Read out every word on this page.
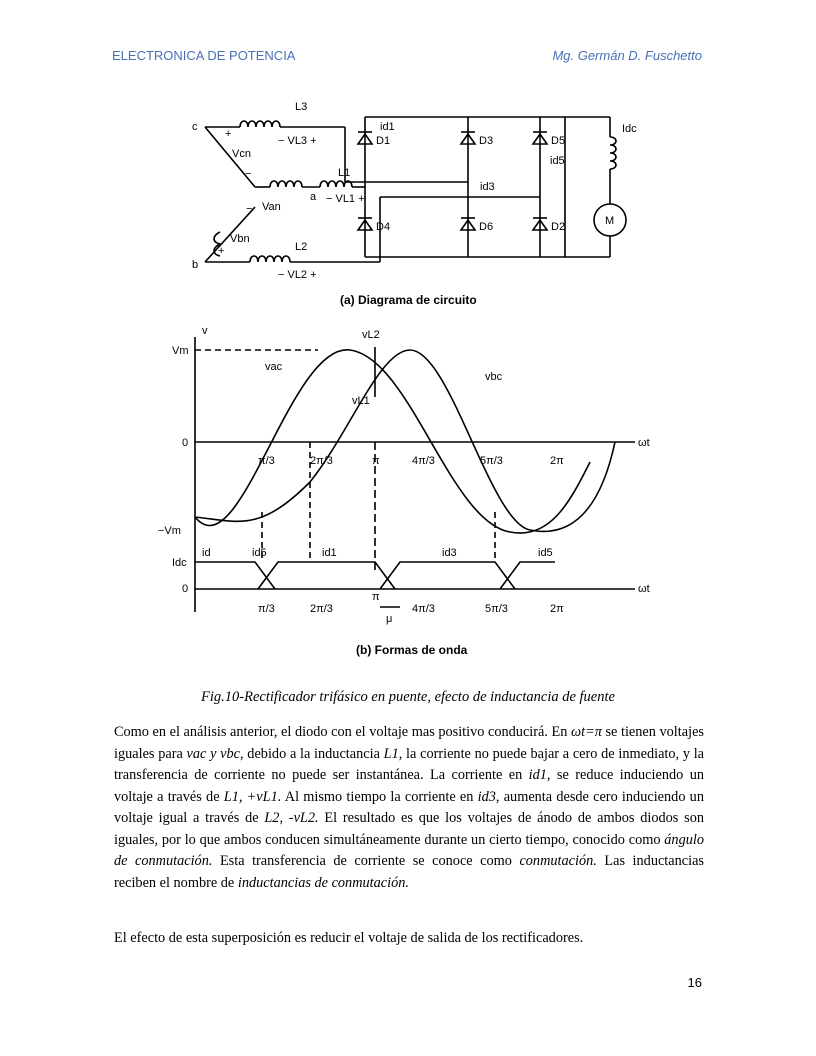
ELECTRONICA DE POTENCIA	Mg. Germán D. Fuschetto
c
b
a
Vcn
Van
Vbn
L3
L1
L2
− VL3 +
− VL1 +
− VL2 +
id1
id3
id5
Idc
D1	D3	D5
D4	D6	D2	M
+
−
−
+
(a) Diagrama de circuito
v
Vm
0
−Vm
ωt
vac
vbc
vL2
vL1
π/3	2π/3	π	4π/3	5π/3	2π
Idc
0	ωt
id	id5	id1	id3	id5
π/3	2π/3
π
4π/3	5π/3	2π
μ
(b) Formas de onda
Fig.10-Rectificador trifásico en puente, efecto de inductancia de fuente

Como en el análisis anterior, el diodo con el voltaje mas positivo conducirá. En ωt=π se tienen voltajes iguales para vac y vbc, debido a la inductancia L1, la corriente no puede bajar a cero de inmediato, y la transferencia de corriente no puede ser instantánea. La corriente en id1, se reduce induciendo un voltaje a través de L1, +vL1. Al mismo tiempo la corriente en id3, aumenta desde cero induciendo un voltaje igual a través de L2, -vL2. El resultado es que los voltajes de ánodo de ambos diodos son iguales, por lo que ambos conducen simultáneamente durante un cierto tiempo, conocido como ángulo de conmutación. Esta transferencia de corriente se conoce como conmutación. Las inductancias reciben el nombre de inductancias de conmutación.

El efecto de esta superposición es reducir el voltaje de salida de los rectificadores.

16
